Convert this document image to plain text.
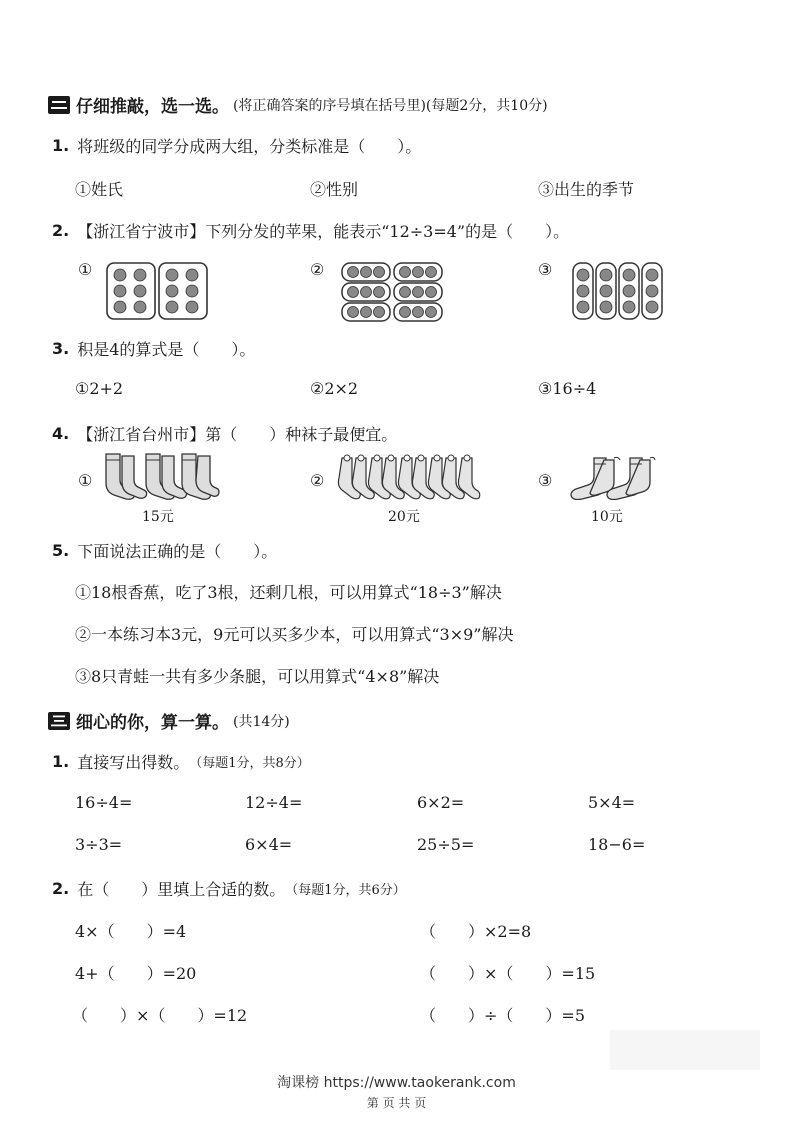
仔细推敲，选一选。 (将正确答案的序号填在括号里)(每题2分，共10分)
1. 将班级的同学分成两大组，分类标准是（　　）。
①姓氏	②性别	③出生的季节
2. 【浙江省宁波市】下列分发的苹果，能表示“12÷3=4”的是（　　）。
①	②	③
3. 积是4的算式是（　　）。
①2+2	②2×2	③16÷4
4. 【浙江省台州市】第（　　）种袜子最便宜。
①
15元
②
20元
③
10元
5. 下面说法正确的是（　　）。
①18根香蕉，吃了3根，还剩几根，可以用算式“18÷3”解决
②一本练习本3元，9元可以买多少本，可以用算式“3×9”解决
③8只青蛙一共有多少条腿，可以用算式“4×8”解决
细心的你，算一算。 (共14分)
1. 直接写出得数。 （每题1分，共8分）
16÷4=	12÷4=	6×2=	5×4=
3÷3=	6×4=	25÷5=	18−6=
2. 在（　　）里填上合适的数。 （每题1分，共6分）
4×（　　）=4	（　　）×2=8
4+（　　）=20	（　　）×（　　）=15
（　　）×（　　）=12	（　　）÷（　　）=5
淘课榜 https://www.taokerank.com
第 页 共 页
